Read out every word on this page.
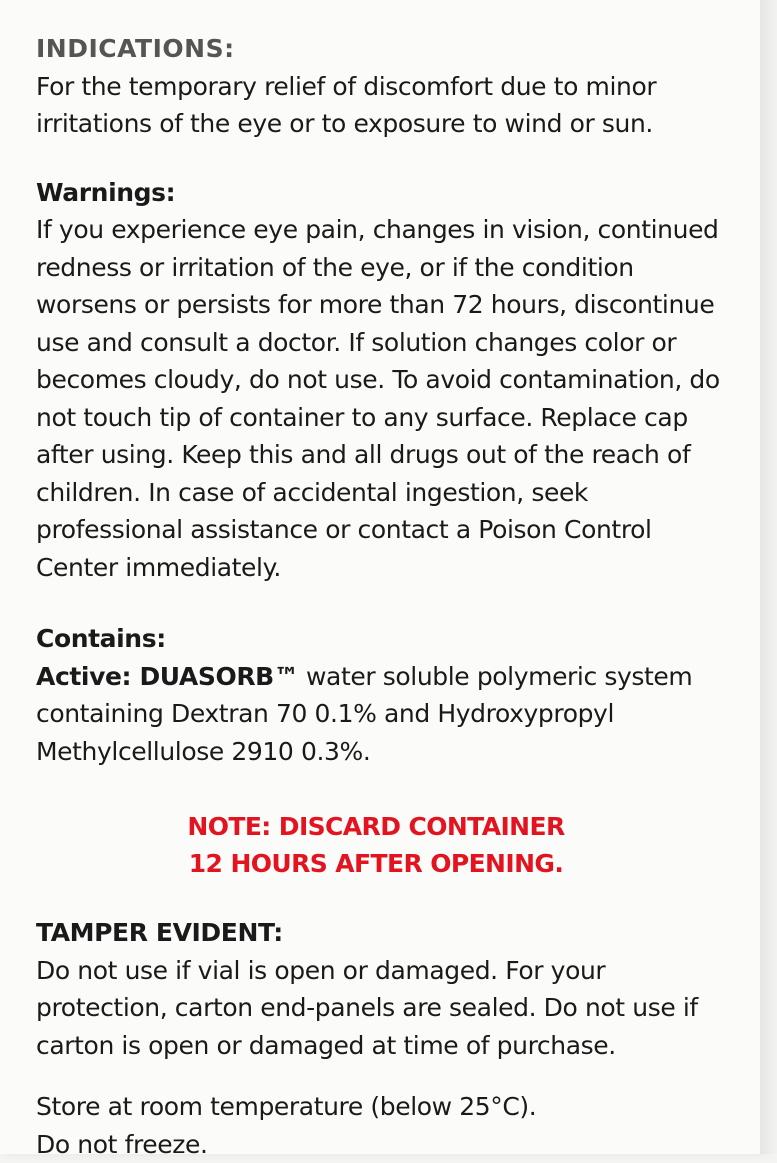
INDICATIONS:
For the temporary relief of discomfort due to minor irritations of the eye or to exposure to wind or sun.
Warnings:
If you experience eye pain, changes in vision, continued redness or irritation of the eye, or if the condition worsens or persists for more than 72 hours, discontinue use and consult a doctor. If solution changes color or becomes cloudy, do not use. To avoid contamination, do not touch tip of container to any surface. Replace cap after using. Keep this and all drugs out of the reach of children. In case of accidental ingestion, seek professional assistance or contact a Poison Control Center immediately.
Contains:
Active: DUASORB™ water soluble polymeric system containing Dextran 70 0.1% and Hydroxypropyl Methylcellulose 2910 0.3%.
NOTE: DISCARD CONTAINER
12 HOURS AFTER OPENING.
TAMPER EVIDENT:
Do not use if vial is open or damaged. For your protection, carton end-panels are sealed. Do not use if carton is open or damaged at time of purchase.
Store at room temperature (below 25°C).
Do not freeze.
